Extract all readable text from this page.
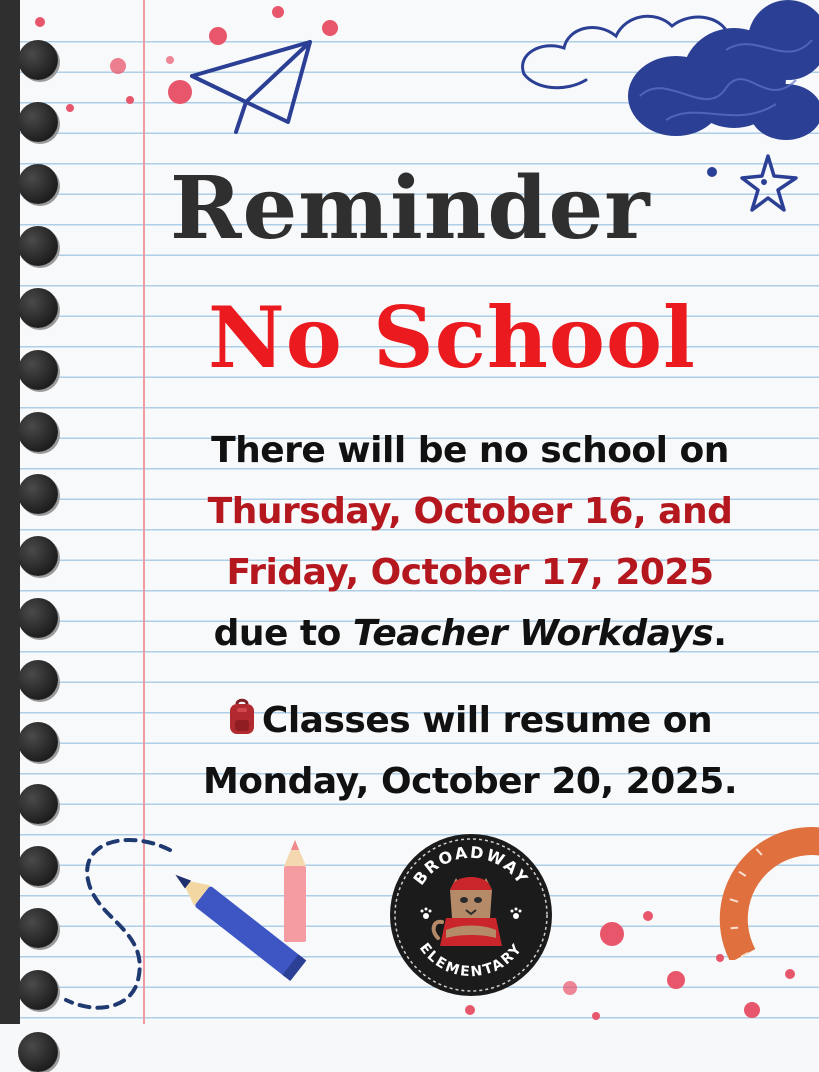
Reminder
No School

There will be no school on
Thursday, October 16, and
Friday, October 17, 2025
due to Teacher Workdays.

Classes will resume on
Monday, October 20, 2025.

BROADWAY
ELEMENTARY
